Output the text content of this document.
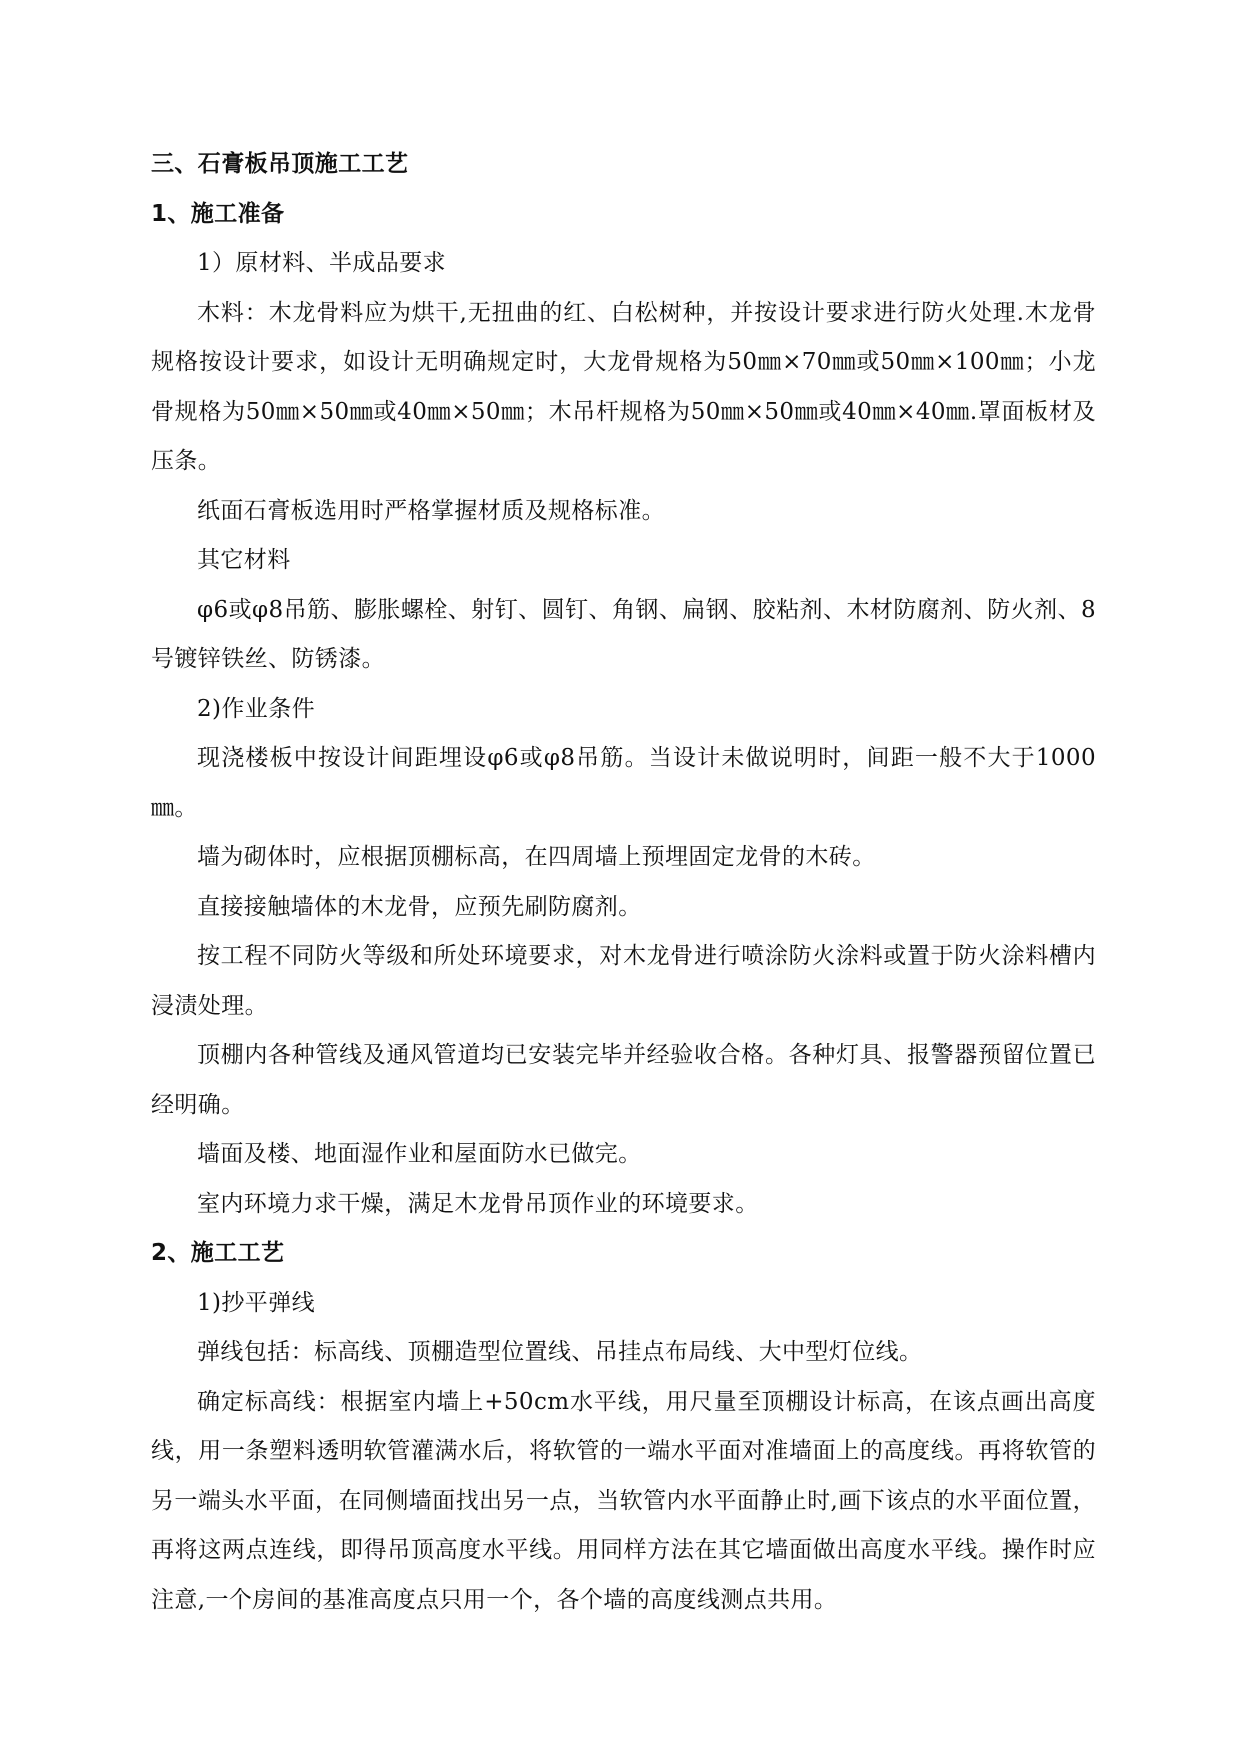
三、石膏板吊顶施工工艺

1、施工准备

1）原材料、半成品要求

木料：木龙骨料应为烘干,无扭曲的红、白松树种，并按设计要求进行防火处理.木龙骨规格按设计要求，如设计无明确规定时，大龙骨规格为50㎜×70㎜或50㎜×100㎜；小龙骨规格为50㎜×50㎜或40㎜×50㎜；木吊杆规格为50㎜×50㎜或40㎜×40㎜.罩面板材及压条。

纸面石膏板选用时严格掌握材质及规格标准。

其它材料

φ6或φ8吊筋、膨胀螺栓、射钉、圆钉、角钢、扁钢、胶粘剂、木材防腐剂、防火剂、8号镀锌铁丝、防锈漆。

2)作业条件

现浇楼板中按设计间距埋设φ6或φ8吊筋。当设计未做说明时，间距一般不大于1000㎜。

墙为砌体时，应根据顶棚标高，在四周墙上预埋固定龙骨的木砖。

直接接触墙体的木龙骨，应预先刷防腐剂。

按工程不同防火等级和所处环境要求，对木龙骨进行喷涂防火涂料或置于防火涂料槽内浸渍处理。

顶棚内各种管线及通风管道均已安装完毕并经验收合格。各种灯具、报警器预留位置已经明确。

墙面及楼、地面湿作业和屋面防水已做完。

室内环境力求干燥，满足木龙骨吊顶作业的环境要求。

2、施工工艺

1)抄平弹线

弹线包括：标高线、顶棚造型位置线、吊挂点布局线、大中型灯位线。

确定标高线：根据室内墙上+50cm水平线，用尺量至顶棚设计标高，在该点画出高度线，用一条塑料透明软管灌满水后，将软管的一端水平面对准墙面上的高度线。再将软管的另一端头水平面，在同侧墙面找出另一点，当软管内水平面静止时,画下该点的水平面位置，再将这两点连线，即得吊顶高度水平线。用同样方法在其它墙面做出高度水平线。操作时应注意,一个房间的基准高度点只用一个，各个墙的高度线测点共用。
